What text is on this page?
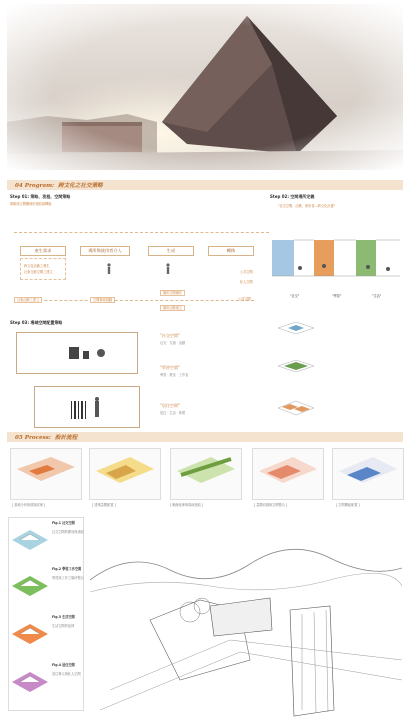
04 Program: 跨文化之社交策略
Step 01: 策略、流程、空間策略
策略與空間關係的連結與轉換
產生需求	場所與使用者介入	生成	轉換
跨文化活動之發生
社會互動空間之建立	公共空間
私人空間
社會活動之建立	空間場域規劃
場所空間操作
場所活動建立
公共空間
Step 02: 空間場所定義
"社交空間、活動、使用者—跨文化計畫"
"社交"	"學習"	"生活"
Step 03: 場域空間配置策略
"社交空間"
社交 · 交流 · 活動
"學習空間"
學習 · 教室 · 工作室
"居住空間"
居住 · 生活 · 休憩
05 Process: 設計流程
[ 基地分析與環境紋理 ]	[ 建築量體配置 ]	[ 軸線延伸與場域連結 ]	[ 量體切割與空間整合 ]	[ 空間機能配置 ]
Fig.1 社交空間
社交空間的開放與連結
Fig.2 學習工作空間
學習與工作之場所整合
Fig.3 生活空間
生活空間的延伸
Fig.4 居住空間
居住單元與私人空間
